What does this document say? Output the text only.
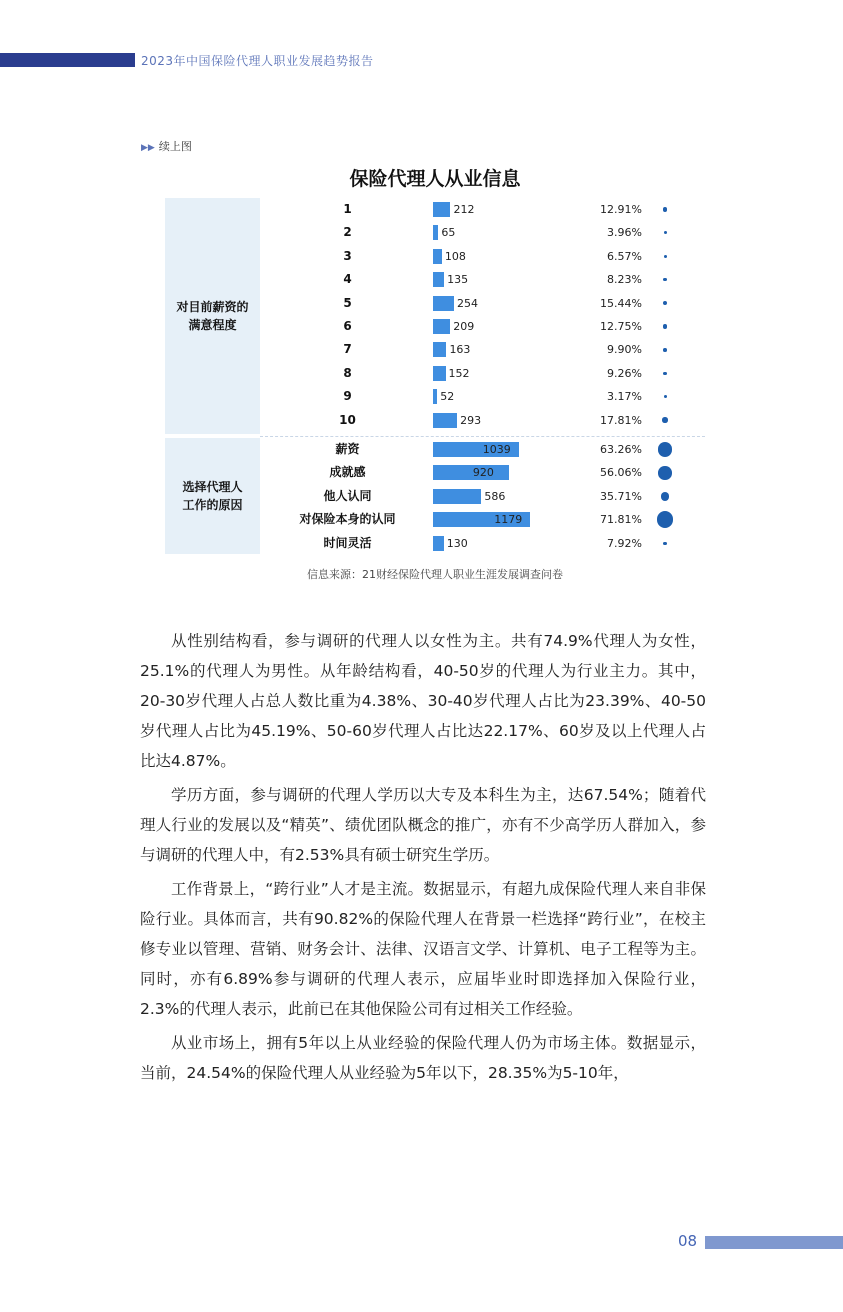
2023年中国保险代理人职业发展趋势报告
▶▶ 续上图
保险代理人从业信息
对目前薪资的
满意程度
选择代理人
工作的原因
1	212	12.91%
2	65	3.96%
3	108	6.57%
4	135	8.23%
5	254	15.44%
6	209	12.75%
7	163	9.90%
8	152	9.26%
9	52	3.17%
10	293	17.81%
薪资	1039	63.26%
成就感	920	56.06%
他人认同	586	35.71%
对保险本身的认同	1179	71.81%
时间灵活	130	7.92%
信息来源：21财经保险代理人职业生涯发展调查问卷

从性别结构看，参与调研的代理人以女性为主。共有74.9%代理人为女性，25.1%的代理人为男性。从年龄结构看，40-50岁的代理人为行业主力。其中，20-30岁代理人占总人数比重为4.38%、30-40岁代理人占比为23.39%、40-50岁代理人占比为45.19%、50-60岁代理人占比达22.17%、60岁及以上代理人占比达4.87%。

学历方面，参与调研的代理人学历以大专及本科生为主，达67.54%；随着代理人行业的发展以及“精英”、绩优团队概念的推广，亦有不少高学历人群加入，参与调研的代理人中，有2.53%具有硕士研究生学历。

工作背景上，“跨行业”人才是主流。数据显示，有超九成保险代理人来自非保险行业。具体而言，共有90.82%的保险代理人在背景一栏选择“跨行业”，在校主修专业以管理、营销、财务会计、法律、汉语言文学、计算机、电子工程等为主。同时，亦有6.89%参与调研的代理人表示，应届毕业时即选择加入保险行业，2.3%的代理人表示，此前已在其他保险公司有过相关工作经验。

从业市场上，拥有5年以上从业经验的保险代理人仍为市场主体。数据显示，当前，24.54%的保险代理人从业经验为5年以下，28.35%为5-10年，

08
